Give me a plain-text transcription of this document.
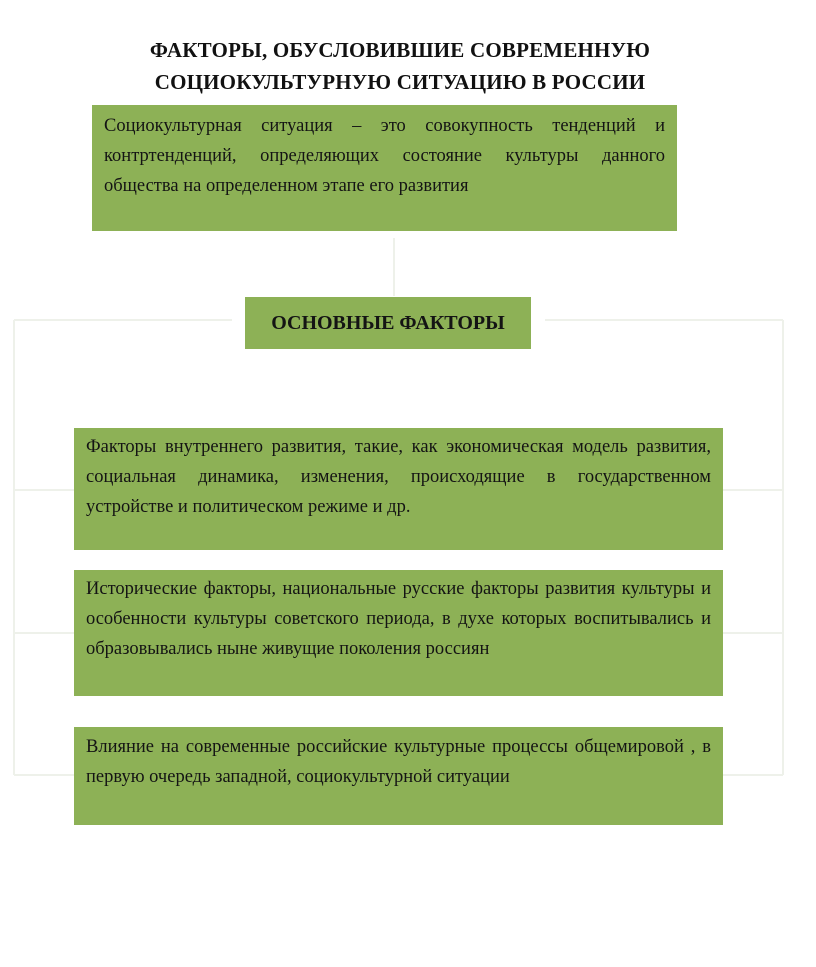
ФАКТОРЫ, ОБУСЛОВИВШИЕ СОВРЕМЕННУЮ
СОЦИОКУЛЬТУРНУЮ СИТУАЦИЮ В РОССИИ
Социокультурная ситуация – это совокупность тенденций и контртенденций, определяющих состояние культуры данного общества на определенном этапе его развития
ОСНОВНЫЕ ФАКТОРЫ
Факторы внутреннего развития, такие, как экономическая модель развития, социальная динамика, изменения, происходящие в государственном устройстве и политическом режиме и др.
Исторические факторы, национальные русские факторы развития культуры и особенности культуры советского периода, в духе которых воспитывались и образовывались ныне живущие поколения россиян
Влияние на современные российские культурные процессы общемировой , в первую очередь западной, социокультурной ситуации
